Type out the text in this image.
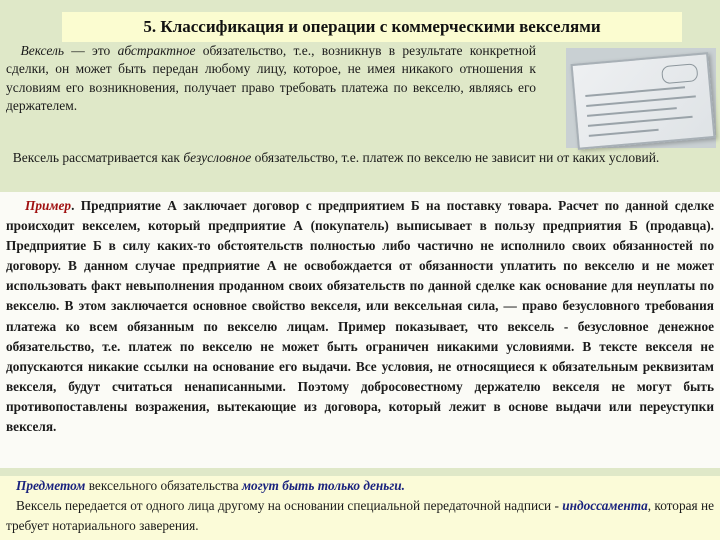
5. Классификация и операции с коммерческими векселями
Вексель — это абстрактное обязательство, т.е., возникнув в результате конкретной сделки, он может быть передан любому лицу, которое, не имея никакого отношения к условиям его возникновения, получает право требовать платежа по векселю, являясь его держателем.
Вексель рассматривается как безусловное обязательство, т.е. платеж по векселю не зависит ни от каких условий.

Пример. Предприятие А заключает договор с предприятием Б на поставку товара. Расчет по данной сделке происходит векселем, который предприятие А (покупатель) выписывает в пользу предприятия Б (продавца). Предприятие Б в силу каких-то обстоятельств полностью либо частично не исполнило своих обязанностей по договору. В данном случае предприятие А не освобождается от обязанности уплатить по векселю и не может использовать факт невыполнения проданном своих обязательств по данной сделке как основание для неуплаты по векселю. В этом заключается основное свойство векселя, или вексельная сила, — право безусловного требования платежа ко всем обязанным по векселю лицам. Пример показывает, что вексель - безусловное денежное обязательство, т.е. платеж по векселю не может быть ограничен никакими условиями. В тексте векселя не допускаются никакие ссылки на основание его выдачи. Все условия, не относящиеся к обязательным реквизитам векселя, будут считаться ненаписанными. Поэтому добросовестному держателю векселя не могут быть противопоставлены возражения, вытекающие из договора, который лежит в основе выдачи или переуступки векселя.

Предметом вексельного обязательства могут быть только деньги.

Вексель передается от одного лица другому на основании специальной передаточной надписи - индоссамента, которая не требует нотариального заверения.
